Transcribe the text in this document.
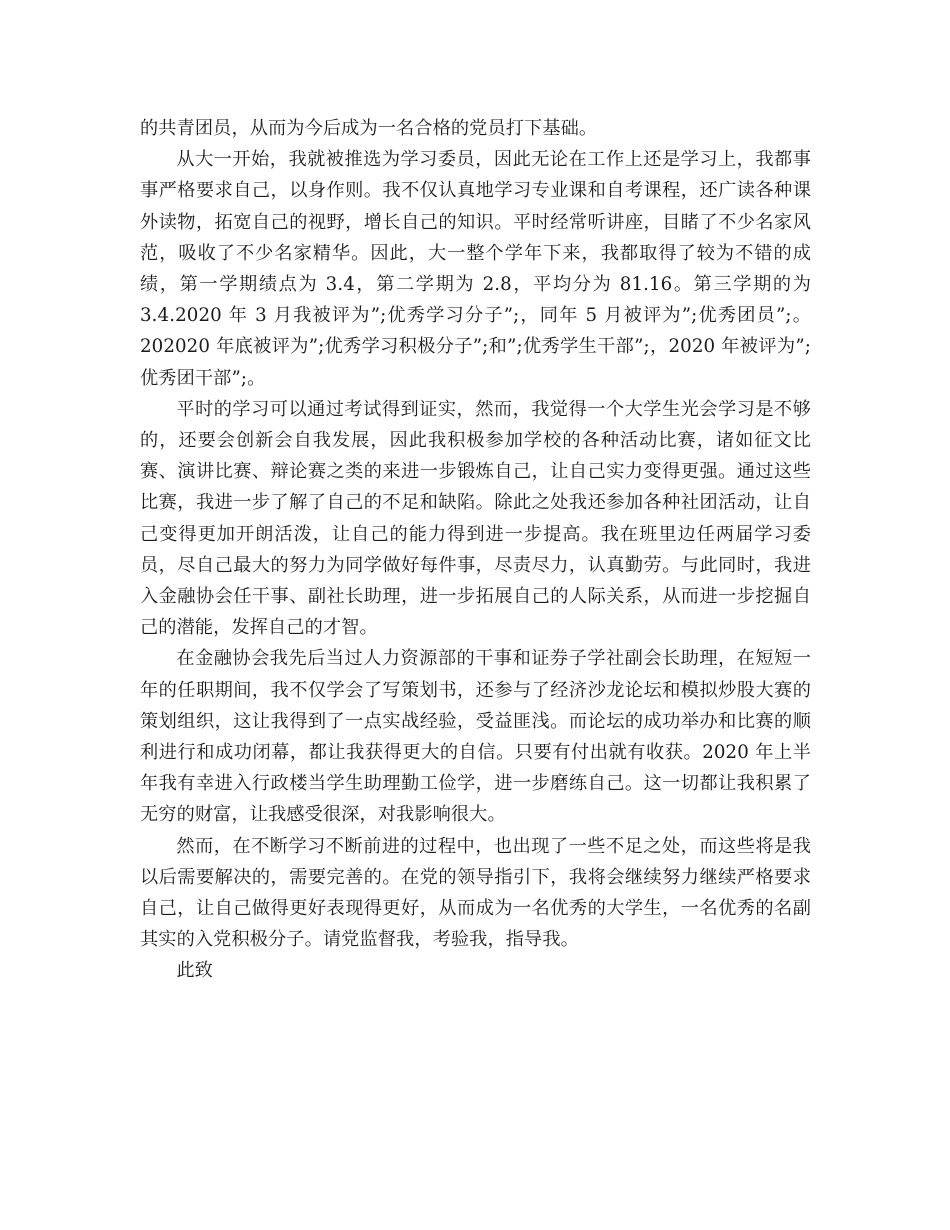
的共青团员，从而为今后成为一名合格的党员打下基础。

从大一开始，我就被推选为学习委员，因此无论在工作上还是学习上，我都事事严格要求自己，以身作则。我不仅认真地学习专业课和自考课程，还广读各种课外读物，拓宽自己的视野，增长自己的知识。平时经常听讲座，目睹了不少名家风范，吸收了不少名家精华。因此，大一整个学年下来，我都取得了较为不错的成绩，第一学期绩点为 3.4，第二学期为 2.8，平均分为 81.16。第三学期的为 3.4.2020 年 3 月我被评为”;优秀学习分子”;，同年 5 月被评为”;优秀团员”;。202020 年底被评为”;优秀学习积极分子”;和”;优秀学生干部”;，2020 年被评为”;优秀团干部”;。

平时的学习可以通过考试得到证实，然而，我觉得一个大学生光会学习是不够的，还要会创新会自我发展，因此我积极参加学校的各种活动比赛，诸如征文比赛、演讲比赛、辩论赛之类的来进一步锻炼自己，让自己实力变得更强。通过这些比赛，我进一步了解了自己的不足和缺陷。除此之处我还参加各种社团活动，让自己变得更加开朗活泼，让自己的能力得到进一步提高。我在班里边任两届学习委员，尽自己最大的努力为同学做好每件事，尽责尽力，认真勤劳。与此同时，我进入金融协会任干事、副社长助理，进一步拓展自己的人际关系，从而进一步挖掘自己的潜能，发挥自己的才智。

在金融协会我先后当过人力资源部的干事和证券子学社副会长助理，在短短一年的任职期间，我不仅学会了写策划书，还参与了经济沙龙论坛和模拟炒股大赛的策划组织，这让我得到了一点实战经验，受益匪浅。而论坛的成功举办和比赛的顺利进行和成功闭幕，都让我获得更大的自信。只要有付出就有收获。2020 年上半年我有幸进入行政楼当学生助理勤工俭学，进一步磨练自己。这一切都让我积累了无穷的财富，让我感受很深，对我影响很大。

然而，在不断学习不断前进的过程中，也出现了一些不足之处，而这些将是我以后需要解决的，需要完善的。在党的领导指引下，我将会继续努力继续严格要求自己，让自己做得更好表现得更好，从而成为一名优秀的大学生，一名优秀的名副其实的入党积极分子。请党监督我，考验我，指导我。

此致
